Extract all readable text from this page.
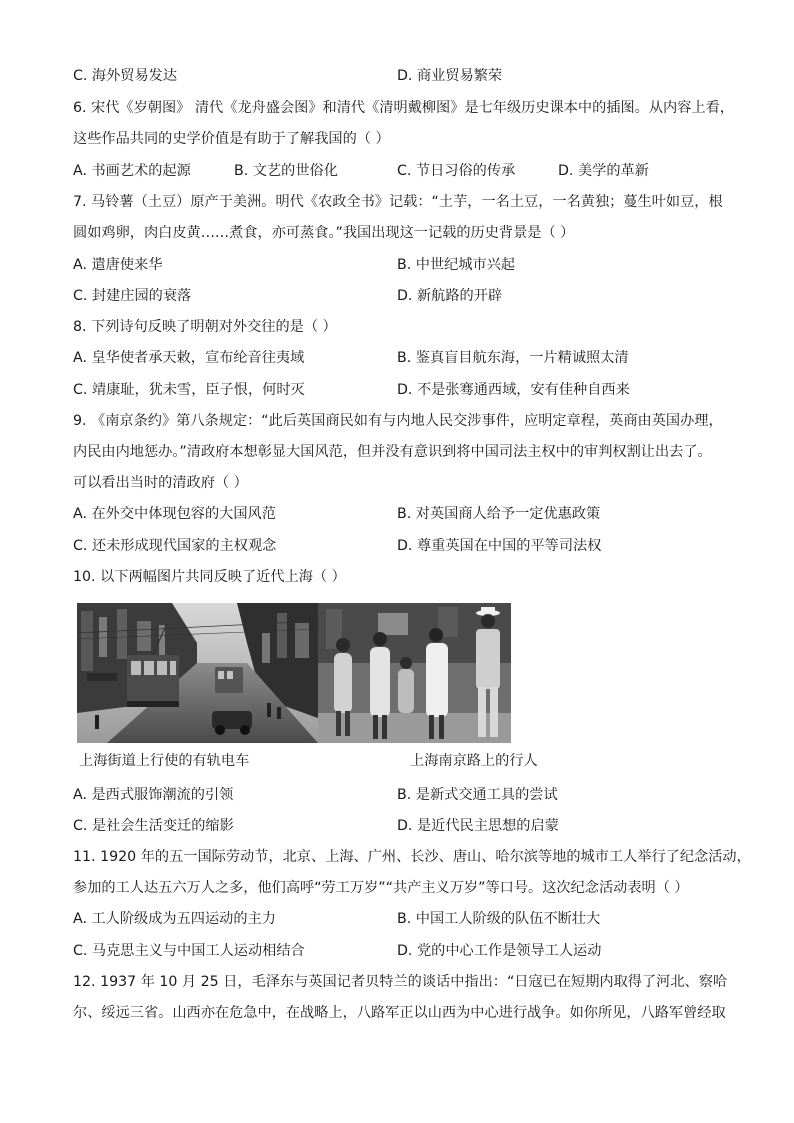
C. 海外贸易发达	D. 商业贸易繁荣
6. 宋代《岁朝图》 清代《龙舟盛会图》和清代《清明戴柳图》是七年级历史课本中的插图。从内容上看，
这些作品共同的史学价值是有助于了解我国的（ ）
A. 书画艺术的起源	B. 文艺的世俗化	C. 节日习俗的传承	D. 美学的革新
7. 马铃薯（土豆）原产于美洲。明代《农政全书》记载：“土芋，一名土豆，一名黄独；蔓生叶如豆，根
圆如鸡卵，肉白皮黄……煮食，亦可蒸食。”我国出现这一记载的历史背景是（ ）
A. 遣唐使来华	B. 中世纪城市兴起
C. 封建庄园的衰落	D. 新航路的开辟
8. 下列诗句反映了明朝对外交往的是（ ）
A. 皇华使者承天敕，宣布纶音往夷域	B. 鉴真盲目航东海，一片精诚照太清
C. 靖康耻，犹未雪，臣子恨，何时灭	D. 不是张骞通西域，安有佳种自西来
9. 《南京条约》第八条规定：“此后英国商民如有与内地人民交涉事件，应明定章程，英商由英国办理，
内民由内地惩办。”清政府本想彰显大国风范，但并没有意识到将中国司法主权中的审判权割让出去了。
可以看出当时的清政府（ ）
A. 在外交中体现包容的大国风范	B. 对英国商人给予一定优惠政策
C. 还未形成现代国家的主权观念	D. 尊重英国在中国的平等司法权
10. 以下两幅图片共同反映了近代上海（ ）
上海街道上行使的有轨电车	上海南京路上的行人
A. 是西式服饰潮流的引领	B. 是新式交通工具的尝试
C. 是社会生活变迁的缩影	D. 是近代民主思想的启蒙
11. 1920 年的五一国际劳动节，北京、上海、广州、长沙、唐山、哈尔滨等地的城市工人举行了纪念活动，
参加的工人达五六万人之多，他们高呼“劳工万岁”“共产主义万岁”等口号。这次纪念活动表明（ ）
A. 工人阶级成为五四运动的主力	B. 中国工人阶级的队伍不断壮大
C. 马克思主义与中国工人运动相结合	D. 党的中心工作是领导工人运动
12. 1937 年 10 月 25 日，毛泽东与英国记者贝特兰的谈话中指出：“日寇已在短期内取得了河北、察哈
尔、绥远三省。山西亦在危急中，在战略上，八路军正以山西为中心进行战争。如你所见，八路军曾经取
